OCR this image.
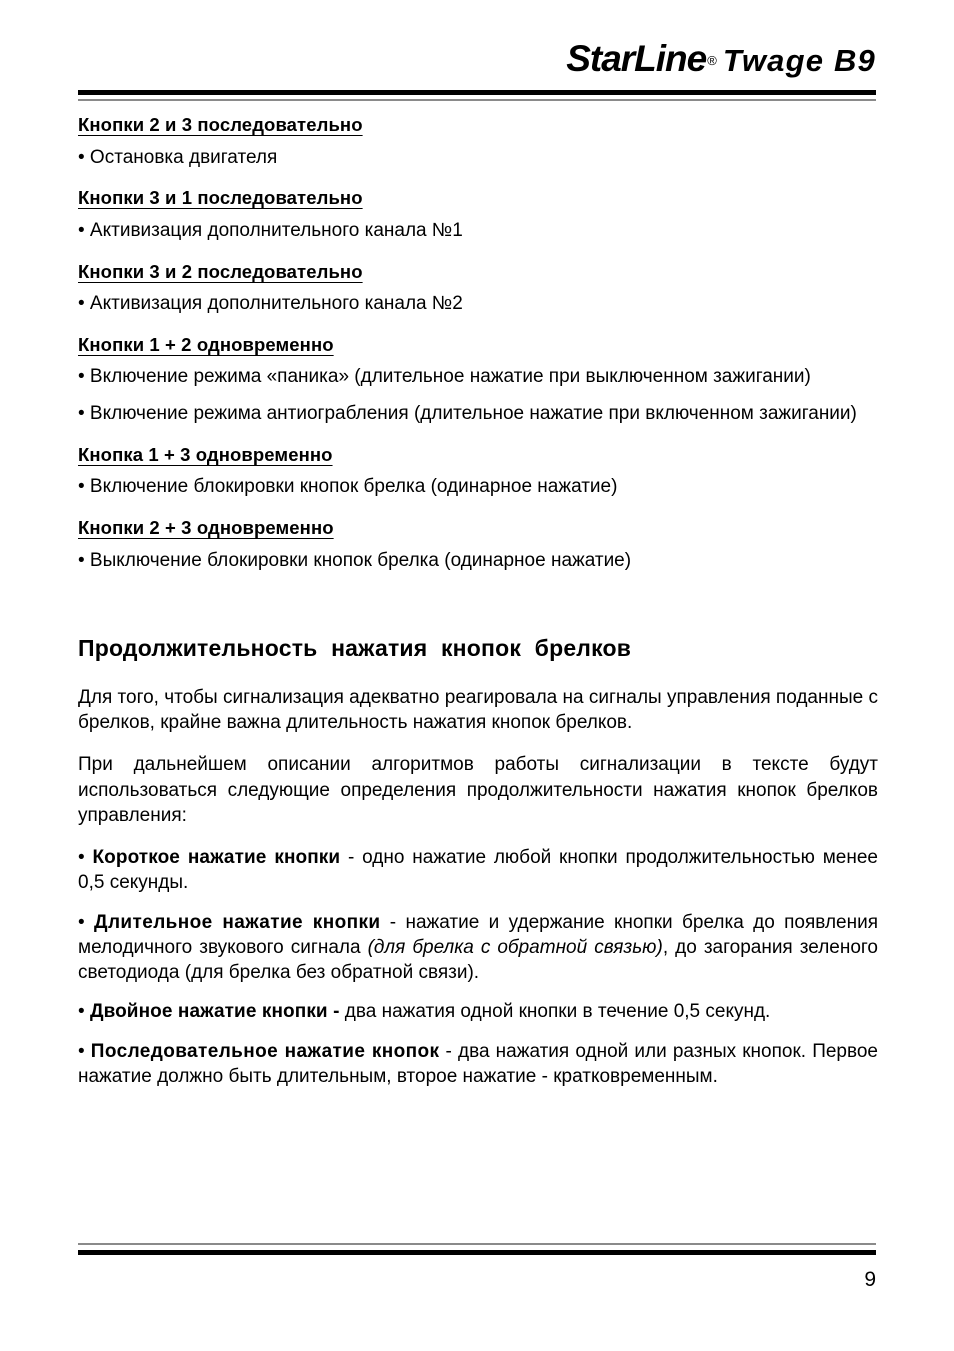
StarLine® Twage B9
Кнопки 2 и 3 последовательно
• Остановка двигателя
Кнопки 3 и 1 последовательно
• Активизация дополнительного канала №1
Кнопки 3 и 2 последовательно
• Активизация дополнительного канала №2
Кнопки 1 + 2 одновременно
• Включение режима «паника» (длительное нажатие при выключенном зажигании)
• Включение режима антиограбления (длительное нажатие при включенном зажигании)
Кнопка 1 + 3 одновременно
• Включение блокировки кнопок брелка (одинарное нажатие)
Кнопки 2 + 3 одновременно
• Выключение блокировки кнопок брелка (одинарное нажатие)
Продолжительность нажатия кнопок брелков
Для того, чтобы сигнализация адекватно реагировала на сигналы управления поданные с брелков, крайне важна длительность нажатия кнопок брелков.
При дальнейшем описании алгоритмов работы сигнализации в тексте будут использоваться следующие определения продолжительности нажатия кнопок брелков управления:
• Короткое нажатие кнопки - одно нажатие любой кнопки продолжительностью менее 0,5 секунды.
• Длительное нажатие кнопки - нажатие и удержание кнопки брелка до появления мелодичного звукового сигнала (для брелка с обратной связью), до загорания зеленого светодиода (для брелка без обратной связи).
• Двойное нажатие кнопки - два нажатия одной кнопки в течение 0,5 секунд.
• Последовательное нажатие кнопок - два нажатия одной или разных кнопок. Первое нажатие должно быть длительным, второе нажатие - кратковременным.
9
